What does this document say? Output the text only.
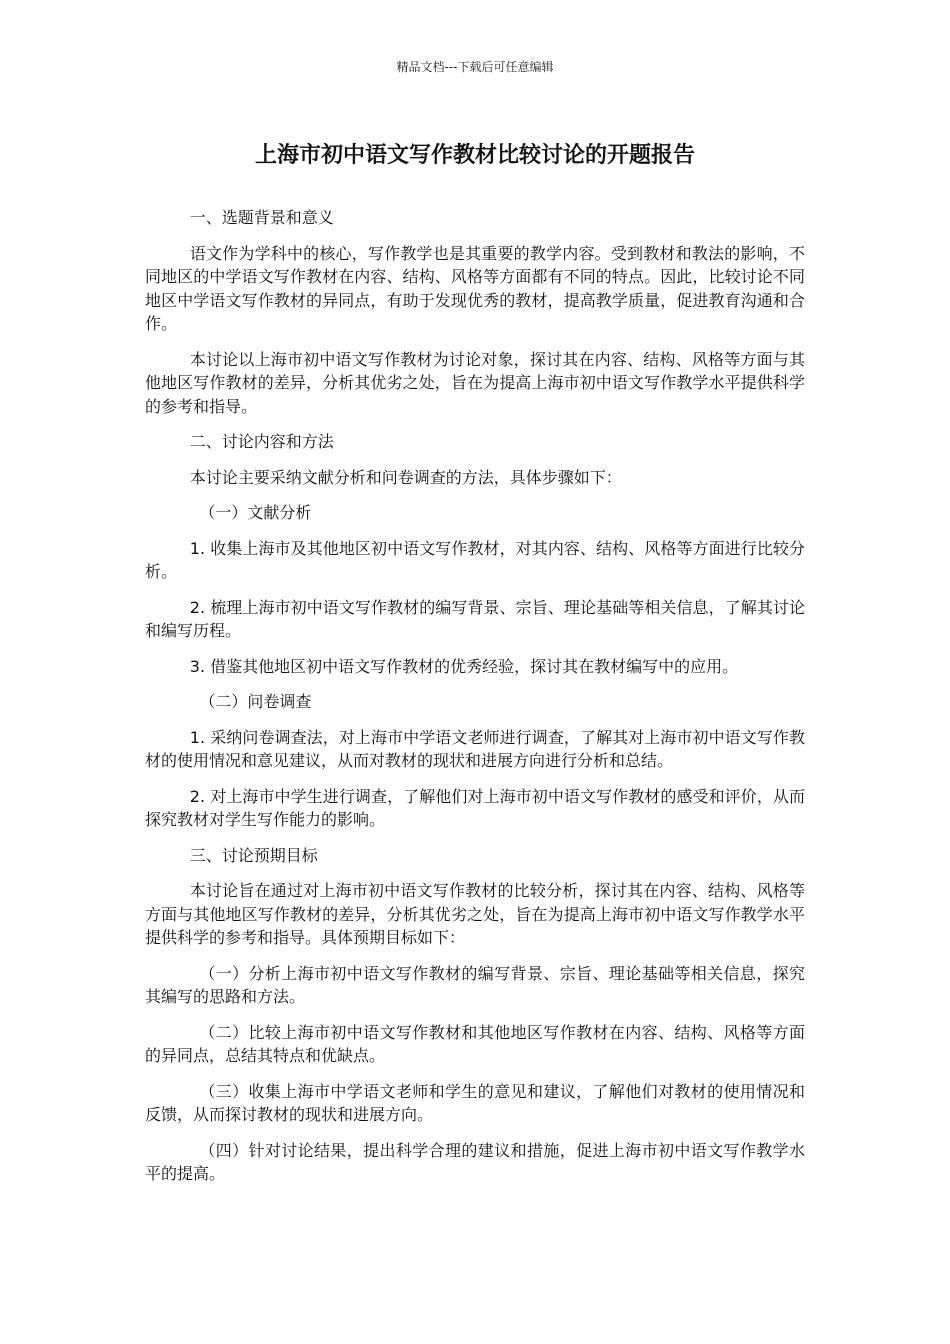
精品文档---下载后可任意编辑
上海市初中语文写作教材比较讨论的开题报告

一、选题背景和意义

语文作为学科中的核心，写作教学也是其重要的教学内容。受到教材和教法的影响，不同地区的中学语文写作教材在内容、结构、风格等方面都有不同的特点。因此，比较讨论不同地区中学语文写作教材的异同点，有助于发现优秀的教材，提高教学质量，促进教育沟通和合作。

本讨论以上海市初中语文写作教材为讨论对象，探讨其在内容、结构、风格等方面与其他地区写作教材的差异，分析其优劣之处，旨在为提高上海市初中语文写作教学水平提供科学的参考和指导。

二、讨论内容和方法

本讨论主要采纳文献分析和问卷调查的方法，具体步骤如下：

（一）文献分析

1. 收集上海市及其他地区初中语文写作教材，对其内容、结构、风格等方面进行比较分析。

2. 梳理上海市初中语文写作教材的编写背景、宗旨、理论基础等相关信息，了解其讨论和编写历程。

3. 借鉴其他地区初中语文写作教材的优秀经验，探讨其在教材编写中的应用。

（二）问卷调查

1. 采纳问卷调查法，对上海市中学语文老师进行调查，了解其对上海市初中语文写作教材的使用情况和意见建议，从而对教材的现状和进展方向进行分析和总结。

2. 对上海市中学生进行调查，了解他们对上海市初中语文写作教材的感受和评价，从而探究教材对学生写作能力的影响。

三、讨论预期目标

本讨论旨在通过对上海市初中语文写作教材的比较分析，探讨其在内容、结构、风格等方面与其他地区写作教材的差异，分析其优劣之处，旨在为提高上海市初中语文写作教学水平提供科学的参考和指导。具体预期目标如下：

（一）分析上海市初中语文写作教材的编写背景、宗旨、理论基础等相关信息，探究其编写的思路和方法。

（二）比较上海市初中语文写作教材和其他地区写作教材在内容、结构、风格等方面的异同点，总结其特点和优缺点。

（三）收集上海市中学语文老师和学生的意见和建议，了解他们对教材的使用情况和反馈，从而探讨教材的现状和进展方向。

（四）针对讨论结果，提出科学合理的建议和措施，促进上海市初中语文写作教学水平的提高。
